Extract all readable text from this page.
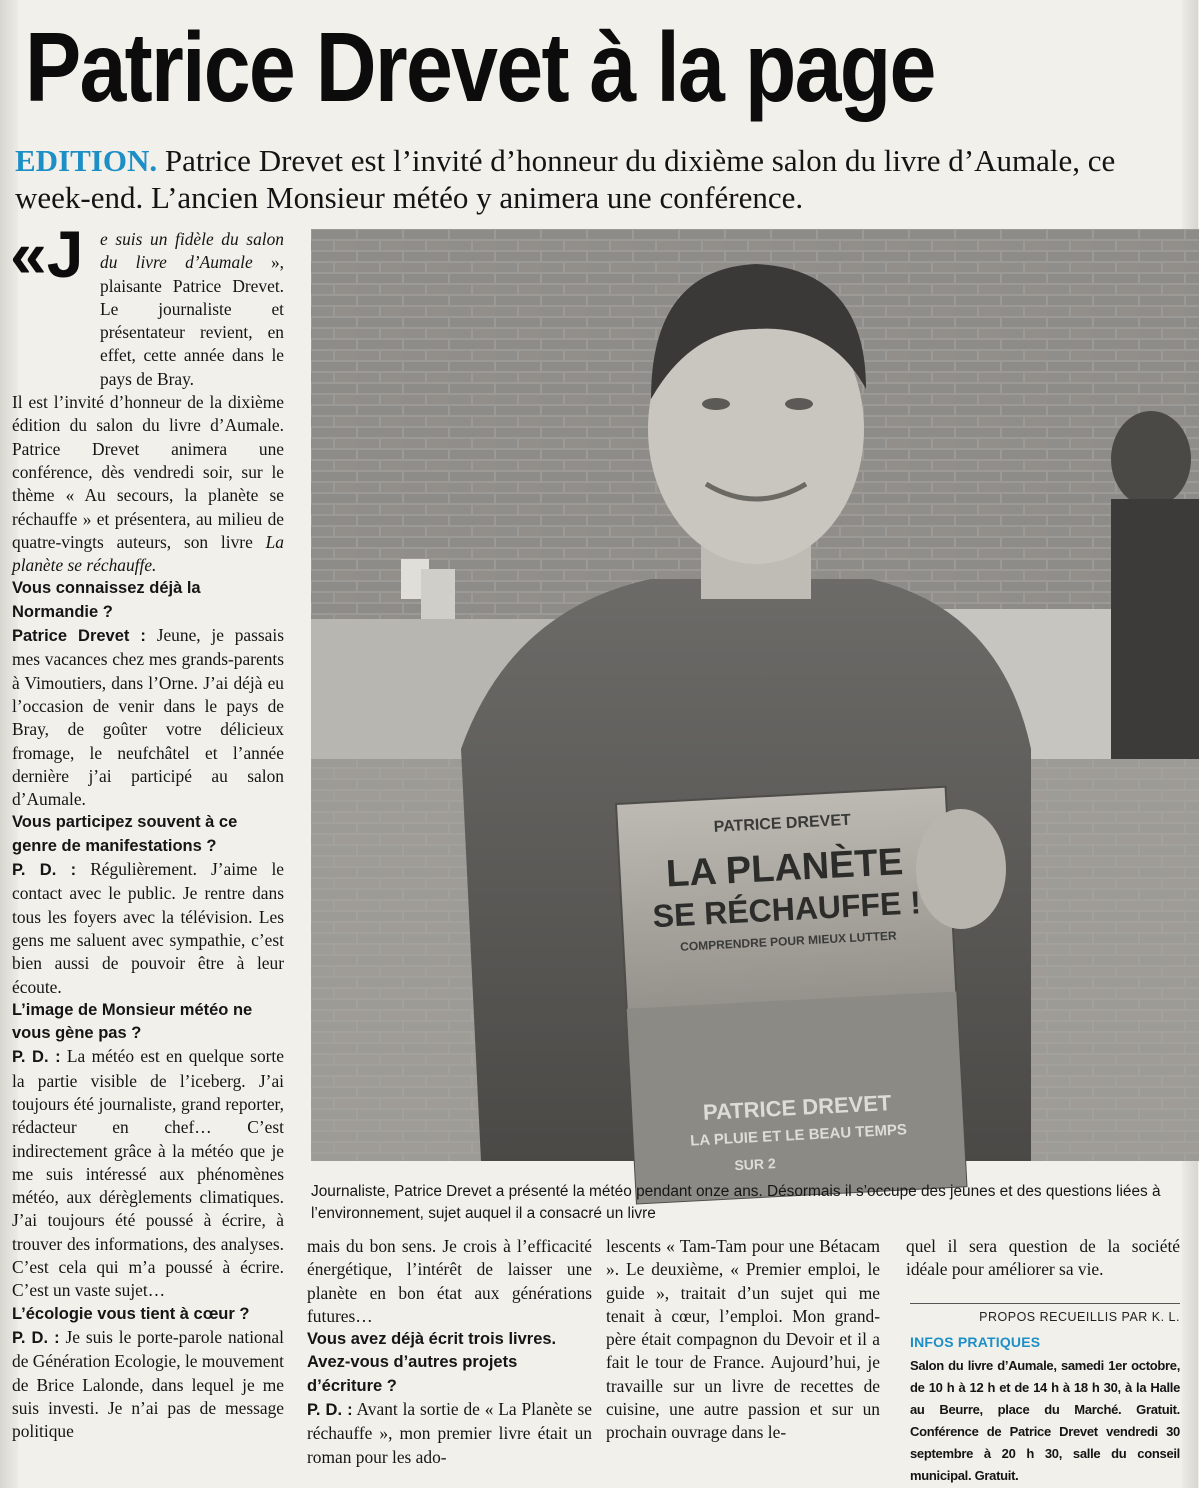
Patrice Drevet à la page

EDITION. Patrice Drevet est l’invité d’honneur du dixième salon du livre d’Aumale, ce week-end. L’ancien Monsieur météo y animera une conférence.

«J e suis un fidèle du salon du livre d’Aumale », plaisante Patrice Drevet. Le journaliste et présentateur revient, en effet, cette année dans le pays de Bray.

Il est l’invité d’honneur de la dixième édition du salon du livre d’Aumale. Patrice Drevet animera une conférence, dès vendredi soir, sur le thème « Au secours, la planète se réchauffe » et présentera, au milieu de quatre-vingts auteurs, son livre La planète se réchauffe.

Vous connaissez déjà la Normandie ?

Patrice Drevet : Jeune, je passais mes vacances chez mes grands-parents à Vimoutiers, dans l’Orne. J’ai déjà eu l’occasion de venir dans le pays de Bray, de goûter votre délicieux fromage, le neufchâtel et l’année dernière j’ai participé au salon d’Aumale.

Vous participez souvent à ce genre de manifestations ?

P. D. : Régulièrement. J’aime le contact avec le public. Je rentre dans tous les foyers avec la télévision. Les gens me saluent avec sympathie, c’est bien aussi de pouvoir être à leur écoute.

L’image de Monsieur météo ne vous gène pas ?

P. D. : La météo est en quelque sorte la partie visible de l’iceberg. J’ai toujours été journaliste, grand reporter, rédacteur en chef… C’est indirectement grâce à la météo que je me suis intéressé aux phénomènes météo, aux dérèglements climatiques. J’ai toujours été poussé à écrire, à trouver des informations, des analyses. C’est cela qui m’a poussé à écrire. C’est un vaste sujet…

L’écologie vous tient à cœur ?

P. D. : Je suis le porte-parole national de Génération Ecologie, le mouvement de Brice Lalonde, dans lequel je me suis investi. Je n’ai pas de message politique

PATRICE DREVET
LA PLANÈTE
SE RÉCHAUFFE !
COMPRENDRE POUR MIEUX LUTTER
PATRICE DREVET
LA PLUIE ET LE BEAU TEMPS
SUR 2

Journaliste, Patrice Drevet a présenté la météo pendant onze ans. Désormais il s’occupe des jeunes et des questions liées à l’environnement, sujet auquel il a consacré un livre

mais du bon sens. Je crois à l’efficacité énergétique, l’intérêt de laisser une planète en bon état aux générations futures…

Vous avez déjà écrit trois livres. Avez-vous d’autres projets d’écriture ?

P. D. : Avant la sortie de « La Planète se réchauffe », mon premier livre était un roman pour les ado-

lescents « Tam-Tam pour une Bétacam ». Le deuxième, « Premier emploi, le guide », traitait d’un sujet qui me tenait à cœur, l’emploi. Mon grand-père était compagnon du Devoir et il a fait le tour de France. Aujourd’hui, je travaille sur un livre de recettes de cuisine, une autre passion et sur un prochain ouvrage dans le-

quel il sera question de la société idéale pour améliorer sa vie.

PROPOS RECUEILLIS PAR K. L.
INFOS PRATIQUES
Salon du livre d’Aumale, samedi 1er octobre, de 10 h à 12 h et de 14 h à 18 h 30, à la Halle au Beurre, place du Marché. Gratuit. Conférence de Patrice Drevet vendredi 30 septembre à 20 h 30, salle du conseil municipal. Gratuit.
